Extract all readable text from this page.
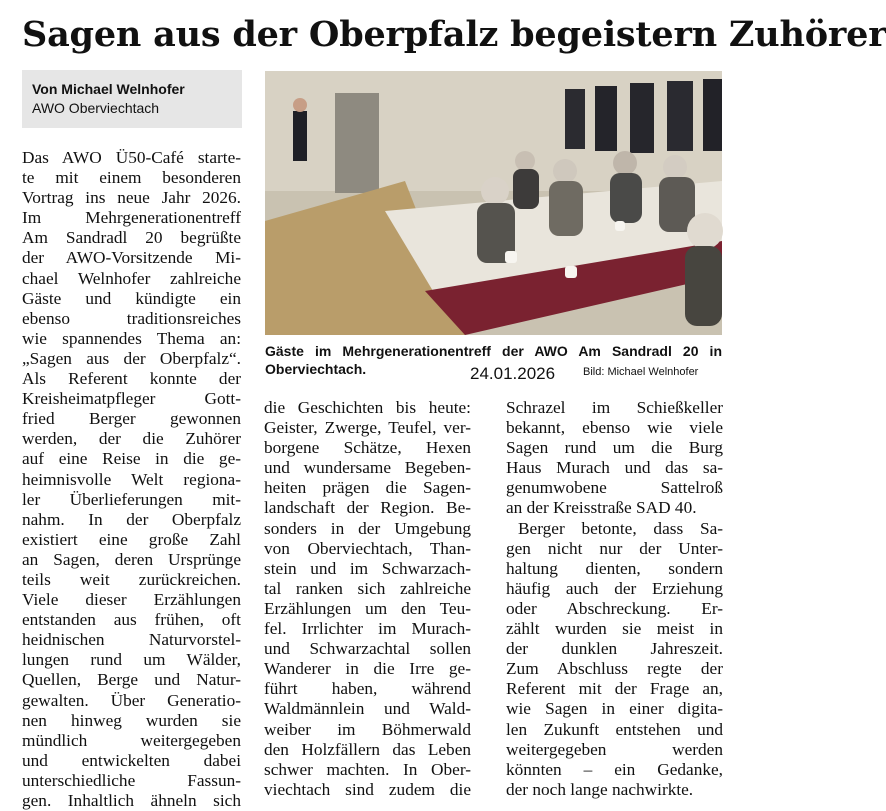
Sagen aus der Oberpfalz begeistern Zuhörer
Von Michael Welnhofer
AWO Oberviechtach
Das AWO Ü50-Café starte-
te mit einem besonderen
Vortrag ins neue Jahr 2026.
Im Mehrgenerationentreff
Am Sandradl 20 begrüßte
der AWO-Vorsitzende Mi-
chael Welnhofer zahlreiche
Gäste und kündigte ein
ebenso traditionsreiches
wie spannendes Thema an:
„Sagen aus der Oberpfalz“.
Als Referent konnte der
Kreisheimatpfleger Gott-
fried Berger gewonnen
werden, der die Zuhörer
auf eine Reise in die ge-
heimnisvolle Welt regiona-
ler Überlieferungen mit-
nahm. In der Oberpfalz
existiert eine große Zahl
an Sagen, deren Ursprünge
teils weit zurückreichen.
Viele dieser Erzählungen
entstanden aus frühen, oft
heidnischen Naturvorstel-
lungen rund um Wälder,
Quellen, Berge und Natur-
gewalten. Über Generatio-
nen hinweg wurden sie
mündlich weitergegeben
und entwickelten dabei
unterschiedliche Fassun-
gen. Inhaltlich ähneln sich
Gäste im Mehrgenerationentreff der AWO Am Sandradl 20 in
Oberviechtach.	24.01.2026	Bild: Michael Welnhofer
die Geschichten bis heute:
Geister, Zwerge, Teufel, ver-
borgene Schätze, Hexen
und wundersame Begeben-
heiten prägen die Sagen-
landschaft der Region. Be-
sonders in der Umgebung
von Oberviechtach, Than-
stein und im Schwarzach-
tal ranken sich zahlreiche
Erzählungen um den Teu-
fel. Irrlichter im Murach-
und Schwarzachtal sollen
Wanderer in die Irre ge-
führt haben, während
Waldmännlein und Wald-
weiber im Böhmerwald
den Holzfällern das Leben
schwer machten. In Ober-
viechtach sind zudem die
Schrazel im Schießkeller
bekannt, ebenso wie viele
Sagen rund um die Burg
Haus Murach und das sa-
genumwobene Sattelroß
an der Kreisstraße SAD 40.
Berger betonte, dass Sa-
gen nicht nur der Unter-
haltung dienten, sondern
häufig auch der Erziehung
oder Abschreckung. Er-
zählt wurden sie meist in
der dunklen Jahreszeit.
Zum Abschluss regte der
Referent mit der Frage an,
wie Sagen in einer digita-
len Zukunft entstehen und
weitergegeben werden
könnten – ein Gedanke,
der noch lange nachwirkte.
